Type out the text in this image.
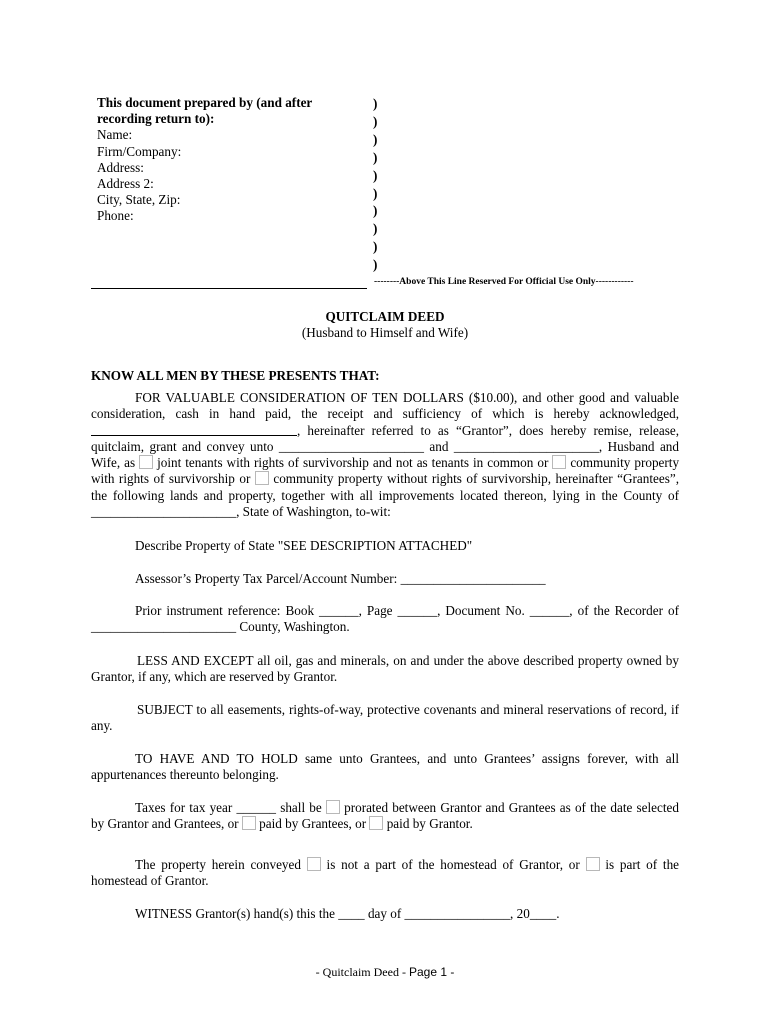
This document prepared by (and after recording return to):
Name:
Firm/Company:
Address:
Address 2:
City, State, Zip:
Phone:
)
)
)
)
)
)
)
)
)
)
--------Above This Line Reserved For Official Use Only------------
QUITCLAIM DEED
(Husband to Himself and Wife)
KNOW ALL MEN BY THESE PRESENTS THAT:
FOR VALUABLE CONSIDERATION OF TEN DOLLARS ($10.00), and other good and valuable consideration, cash in hand paid, the receipt and sufficiency of which is hereby acknowledged, , hereinafter referred to as “Grantor”, does hereby remise, release, quitclaim, grant and convey unto ______________________ and ______________________, Husband and Wife, as joint tenants with rights of survivorship and not as tenants in common or community property with rights of survivorship or community property without rights of survivorship, hereinafter “Grantees”, the following lands and property, together with all improvements located thereon, lying in the County of ______________________, State of Washington, to-wit:
Describe Property of State "SEE DESCRIPTION ATTACHED"
Assessor’s Property Tax Parcel/Account Number: ______________________
Prior instrument reference: Book ______, Page ______, Document No. ______, of the Recorder of ______________________ County, Washington.
LESS AND EXCEPT all oil, gas and minerals, on and under the above described property owned by Grantor, if any, which are reserved by Grantor.
SUBJECT to all easements, rights-of-way, protective covenants and mineral reservations of record, if any.
TO HAVE AND TO HOLD same unto Grantees, and unto Grantees’ assigns forever, with all appurtenances thereunto belonging.
Taxes for tax year ______ shall be prorated between Grantor and Grantees as of the date selected by Grantor and Grantees, or paid by Grantees, or paid by Grantor.
The property herein conveyed is not a part of the homestead of Grantor, or is part of the homestead of Grantor.
WITNESS Grantor(s) hand(s) this the ____ day of ________________, 20____.
- Quitclaim Deed - Page 1 -
